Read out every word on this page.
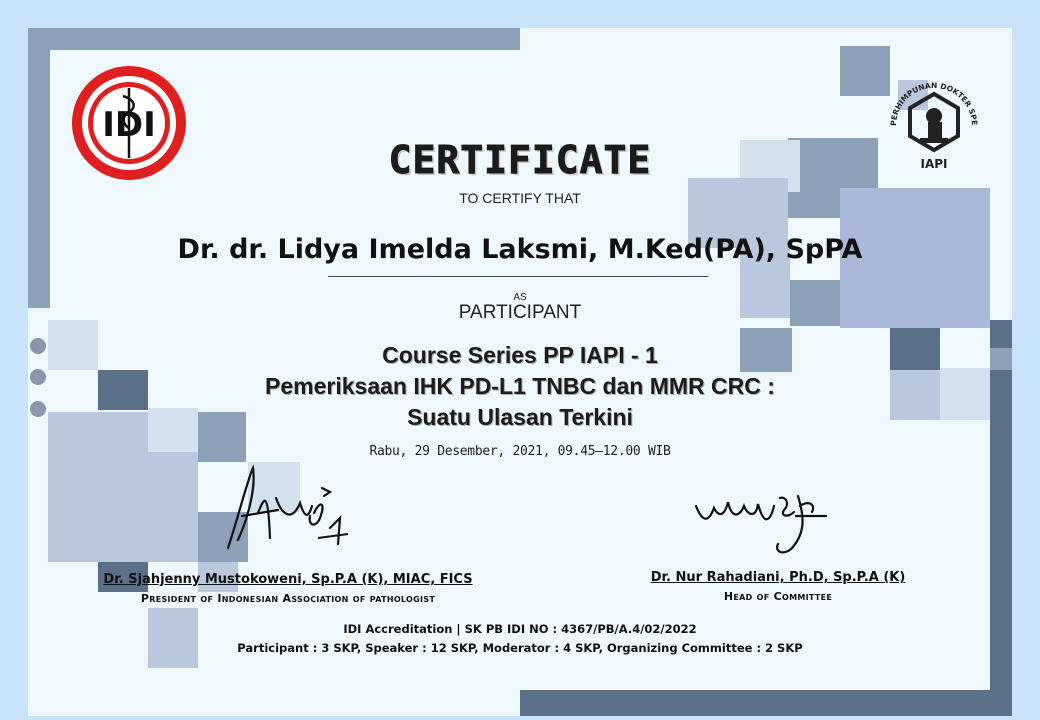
IDI	PERHIMPUNAN DOKTER SPE
IAPI
CERTIFICATE
TO CERTIFY THAT
Dr. dr. Lidya Imelda Laksmi, M.Ked(PA), SpPA
AS
PARTICIPANT
Course Series PP IAPI - 1
Pemeriksaan IHK PD-L1 TNBC dan MMR CRC :
Suatu Ulasan Terkini
Rabu, 29 Desember, 2021, 09.45—12.00 WIB
Dr. Sjahjenny Mustokoweni, Sp.P.A (K), MIAC, FICS
President of Indonesian Association of pathologist
Dr. Nur Rahadiani, Ph.D, Sp.P.A (K)
Head of Committee
IDI Accreditation | SK PB IDI NO : 4367/PB/A.4/02/2022
Participant : 3 SKP, Speaker : 12 SKP, Moderator : 4 SKP, Organizing Committee : 2 SKP
